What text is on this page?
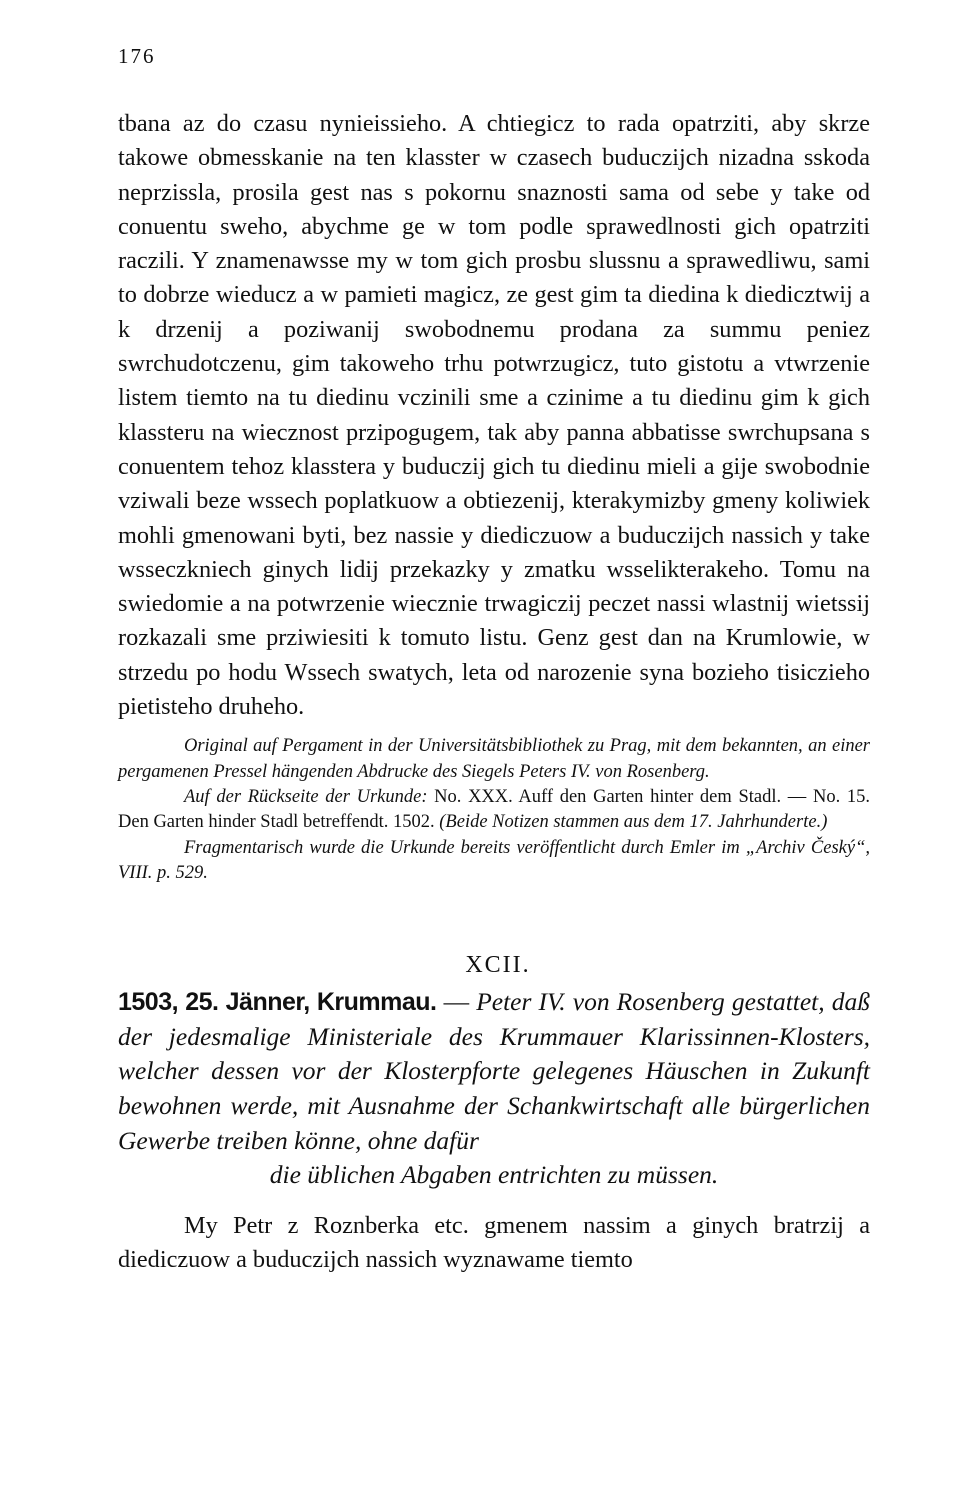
176

tbana az do czasu nynieissieho. A chtiegicz to rada opatrziti, aby skrze takowe obmesskanie na ten klasster w czasech buduczijch nizadna sskoda neprzissla, prosila gest nas s pokornu snaznosti sama od sebe y take od conuentu sweho, abychme ge w tom podle sprawedlnosti gich opatrziti raczili. Y znamenawsse my w tom gich prosbu slussnu a sprawedliwu, sami to dobrze wieducz a w pamieti magicz, ze gest gim ta diedina k diedicztwij a k drzenij a poziwanij swobodnemu prodana za summu peniez swrchudotczenu, gim takoweho trhu potwrzugicz, tuto gistotu a vtwrzenie listem tiemto na tu diedinu vczinili sme a czinime a tu diedinu gim k gich klassteru na wiecznost przipogugem, tak aby panna abbatisse swrchupsana s conuentem tehoz klasstera y buduczij gich tu diedinu mieli a gije swobodnie vziwali beze wssech poplatkuow a obtiezenij, kterakymizby gmeny koliwiek mohli gmenowani byti, bez nassie y diediczuow a buduczijch nassich y take wsseczkniech ginych lidij przekazky y zmatku wsselikterakeho. Tomu na swiedomie a na potwrzenie wiecznie trwagiczij peczet nassi wlastnij wietssij rozkazali sme prziwiesiti k tomuto listu. Genz gest dan na Krumlowie, w strzedu po hodu Wssech swatych, leta od narozenie syna bozieho tisiczieho pietisteho druheho.

Original auf Pergament in der Universitätsbibliothek zu Prag, mit dem bekannten, an einer pergamenen Pressel hängenden Abdrucke des Siegels Peters IV. von Rosenberg.

Auf der Rückseite der Urkunde: No. XXX. Auff den Garten hinter dem Stadl. — No. 15. Den Garten hinder Stadl betreffendt. 1502. (Beide Notizen stammen aus dem 17. Jahrhunderte.)

Fragmentarisch wurde die Urkunde bereits veröffentlicht durch Emler im „Archiv Český“, VIII. p. 529.

XCII.

1503, 25. Jänner, Krummau. — Peter IV. von Rosenberg gestattet, daß der jedesmalige Ministeriale des Krummauer Klarissinnen-Klosters, welcher dessen vor der Klosterpforte gelegenes Häuschen in Zukunft bewohnen werde, mit Ausnahme der Schankwirtschaft alle bürgerlichen Gewerbe treiben könne, ohne dafür
die üblichen Abgaben entrichten zu müssen.

My Petr z Roznberka etc. gmenem nassim a ginych bratrzij a diediczuow a buduczijch nassich wyznawame tiemto
